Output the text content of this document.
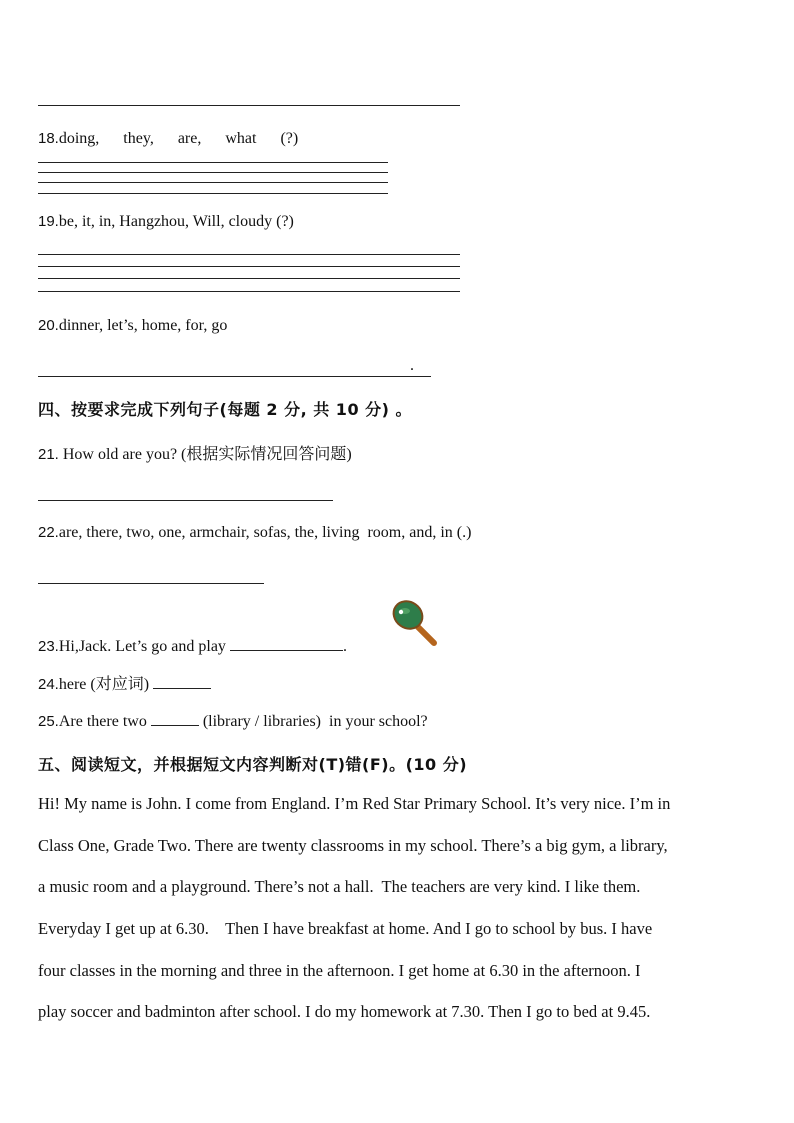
18.doing,      they,      are,      what      (?)
19.be, it, in, Hangzhou, Will, cloudy (?)
20.dinner, let’s, home, for, go
.
四、按要求完成下列句子(每题 2 分, 共 10 分) 。
21. How old are you? (根据实际情况回答问题)
22.are, there, two, one, armchair, sofas, the, living  room, and, in (.)
23.Hi,Jack. Let’s go and play	.
24.here (对应词)
25.Are there two	(library / libraries)  in your school?
五、阅读短文，并根据短文内容判断对(T)错(F)。(10 分)
Hi! My name is John. I come from England. I’m Red Star Primary School. It’s very nice. I’m in
Class One, Grade Two. There are twenty classrooms in my school. There’s a big gym, a library,
a music room and a playground. There’s not a hall.  The teachers are very kind. I like them.
Everyday I get up at 6.30.    Then I have breakfast at home. And I go to school by bus. I have
four classes in the morning and three in the afternoon. I get home at 6.30 in the afternoon. I
play soccer and badminton after school. I do my homework at 7.30. Then I go to bed at 9.45.
